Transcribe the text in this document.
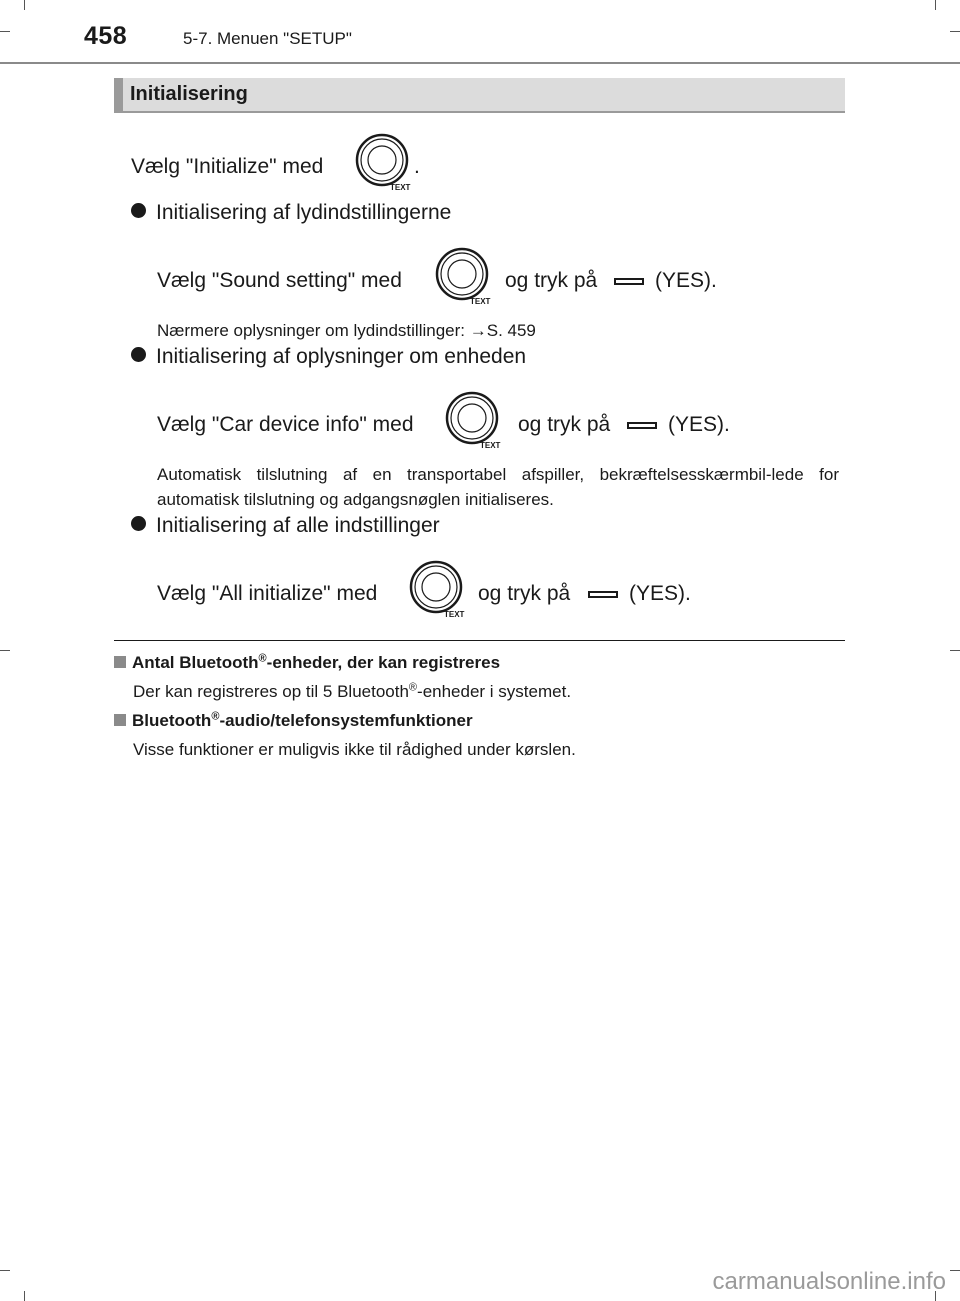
458	5-7. Menuen "SETUP"
Initialisering
Vælg "Initialize" med
TEXT
.
Initialisering af lydindstillingerne
Vælg "Sound setting" med
TEXT
og tryk på	(YES).
Nærmere oplysninger om lydindstillinger: →S. 459
Initialisering af oplysninger om enheden
Vælg "Car device info" med
TEXT
og tryk på	(YES).
Automatisk tilslutning af en transportabel afspiller, bekræftelsesskærmbil-lede for automatisk tilslutning og adgangsnøglen initialiseres.
Initialisering af alle indstillinger
Vælg "All initialize" med
TEXT
og tryk på	(YES).
Antal Bluetooth®-enheder, der kan registreres
Der kan registreres op til 5 Bluetooth®-enheder i systemet.
Bluetooth®-audio/telefonsystemfunktioner
Visse funktioner er muligvis ikke til rådighed under kørslen.
carmanualsonline.info
